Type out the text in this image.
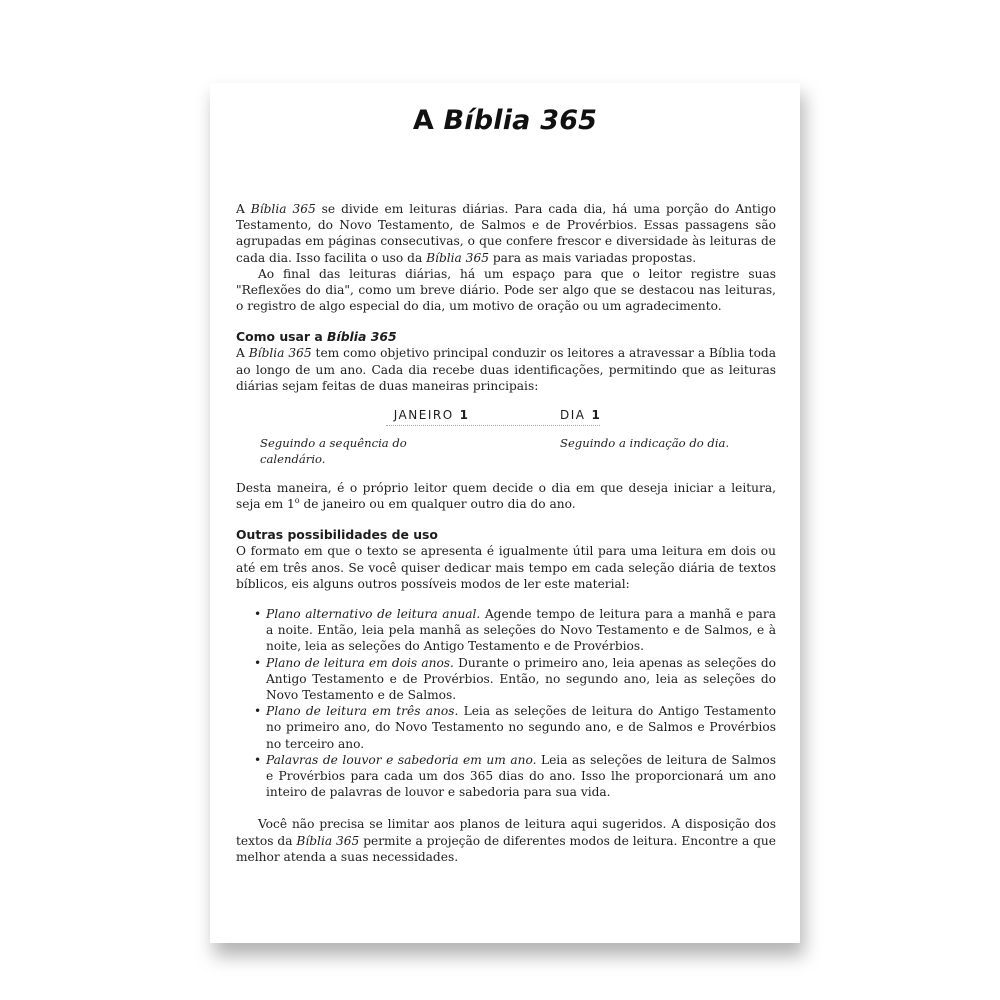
A Bíblia 365

A Bíblia 365 se divide em leituras diárias. Para cada dia, há uma porção do Antigo Testamento, do Novo Testamento, de Salmos e de Provérbios. Essas passagens são agrupadas em páginas consecutivas, o que confere frescor e diversidade às leituras de cada dia. Isso facilita o uso da Bíblia 365 para as mais variadas propostas.

Ao final das leituras diárias, há um espaço para que o leitor registre suas "Reflexões do dia", como um breve diário. Pode ser algo que se destacou nas leituras, o registro de algo especial do dia, um motivo de oração ou um agradecimento.

Como usar a Bíblia 365

A Bíblia 365 tem como objetivo principal conduzir os leitores a atravessar a Bíblia toda ao longo de um ano. Cada dia recebe duas identificações, permitindo que as leituras diárias sejam feitas de duas maneiras principais:

JANEIRO 1
Seguindo a sequência do calendário.
DIA 1
Seguindo a indicação do dia.

Desta maneira, é o próprio leitor quem decide o dia em que deseja iniciar a leitura, seja em 1$^o$ de janeiro ou em qualquer outro dia do ano.

Outras possibilidades de uso

O formato em que o texto se apresenta é igualmente útil para uma leitura em dois ou até em três anos. Se você quiser dedicar mais tempo em cada seleção diária de textos bíblicos, eis alguns outros possíveis modos de ler este material:

• Plano alternativo de leitura anual. Agende tempo de leitura para a manhã e para a noite. Então, leia pela manhã as seleções do Novo Testamento e de Salmos, e à noite, leia as seleções do Antigo Testamento e de Provérbios.
• Plano de leitura em dois anos. Durante o primeiro ano, leia apenas as seleções do Antigo Testamento e de Provérbios. Então, no segundo ano, leia as seleções do Novo Testamento e de Salmos.
• Plano de leitura em três anos. Leia as seleções de leitura do Antigo Testamento no primeiro ano, do Novo Testamento no segundo ano, e de Salmos e Provérbios no terceiro ano.
• Palavras de louvor e sabedoria em um ano. Leia as seleções de leitura de Salmos e Provérbios para cada um dos 365 dias do ano. Isso lhe proporcionará um ano inteiro de palavras de louvor e sabedoria para sua vida.

Você não precisa se limitar aos planos de leitura aqui sugeridos. A disposição dos textos da Bíblia 365 permite a projeção de diferentes modos de leitura. Encontre a que melhor atenda a suas necessidades.
